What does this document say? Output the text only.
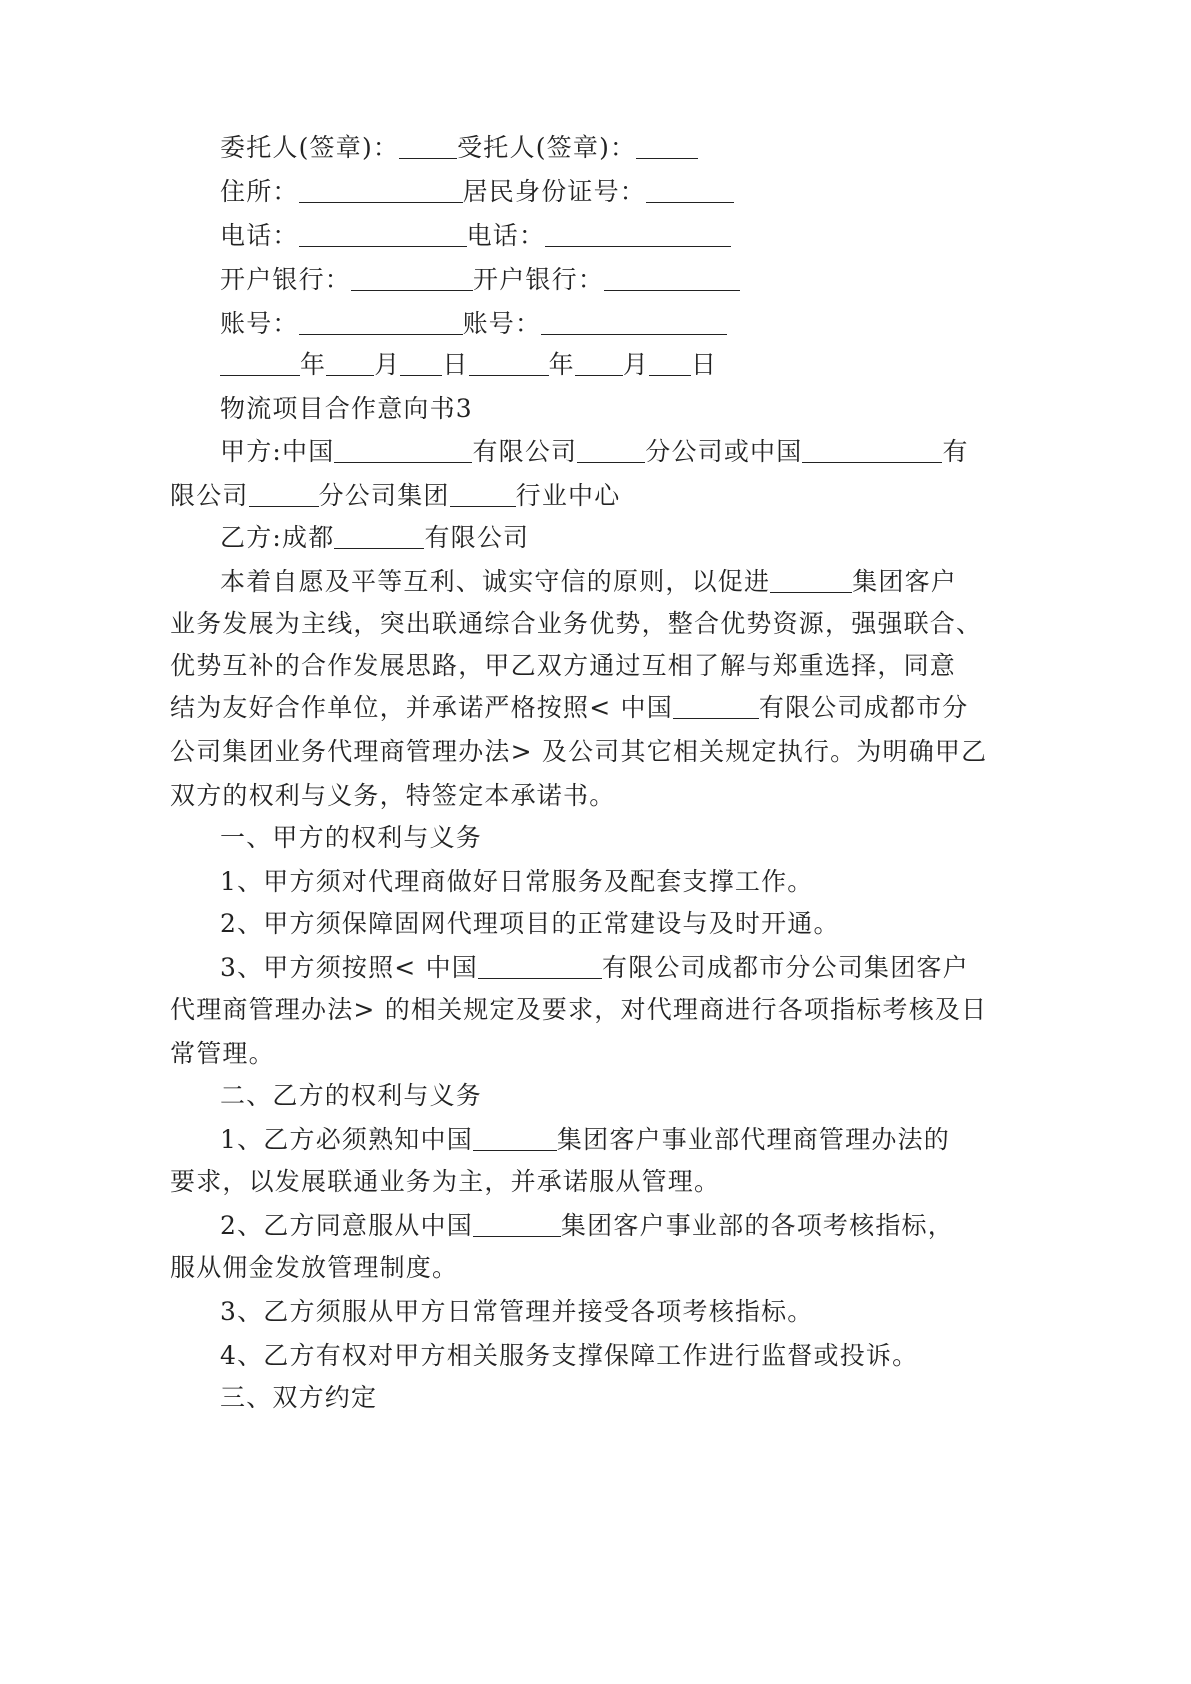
委托人(签章)： 受托人(签章)：
住所：	居民身份证号：
电话：	电话：
开户银行：	开户银行：
账号：	账号：
年 月 日	年 月 日
物流项目合作意向书3
甲方:中国	有限公司	分公司或中国	有
限公司	分公司集团	行业中心
乙方:成都	有限公司
本着自愿及平等互利、诚实守信的原则，以促进	集团客户
业务发展为主线，突出联通综合业务优势，整合优势资源，强强联合、
优势互补的合作发展思路，甲乙双方通过互相了解与郑重选择，同意
结为友好合作单位，并承诺严格按照< 中国	有限公司成都市分
公司集团业务代理商管理办法> 及公司其它相关规定执行。为明确甲乙
双方的权利与义务，特签定本承诺书。
一、甲方的权利与义务
1、甲方须对代理商做好日常服务及配套支撑工作。
2、甲方须保障固网代理项目的正常建设与及时开通。
3、甲方须按照< 中国	有限公司成都市分公司集团客户
代理商管理办法> 的相关规定及要求，对代理商进行各项指标考核及日
常管理。
二、乙方的权利与义务
1、乙方必须熟知中国	集团客户事业部代理商管理办法的
要求，以发展联通业务为主，并承诺服从管理。
2、乙方同意服从中国	集团客户事业部的各项考核指标，
服从佣金发放管理制度。
3、乙方须服从甲方日常管理并接受各项考核指标。
4、乙方有权对甲方相关服务支撑保障工作进行监督或投诉。
三、双方约定
